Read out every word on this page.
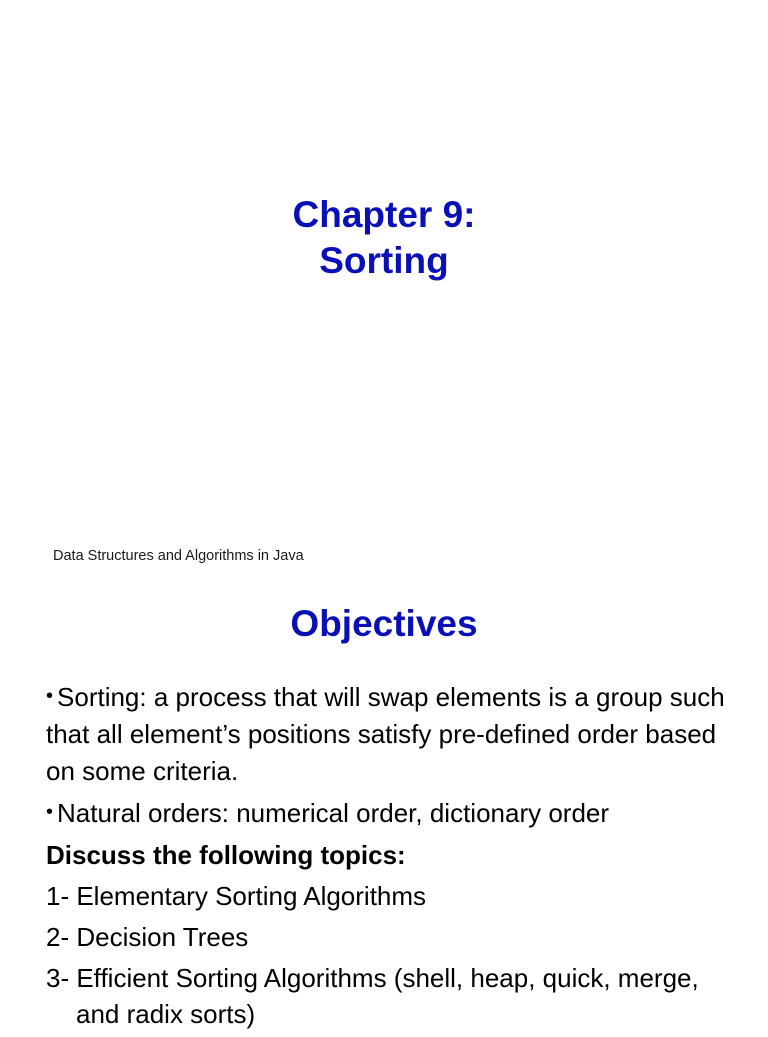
Chapter 9:
Sorting

Data Structures and Algorithms in Java

Objectives

• Sorting: a process that will swap elements is a group such that all element’s positions satisfy pre-defined order based on some criteria.

• Natural orders: numerical order, dictionary order

Discuss the following topics:

1- Elementary Sorting Algorithms

2- Decision Trees

3- Efficient Sorting Algorithms (shell, heap, quick, merge, and radix sorts)
